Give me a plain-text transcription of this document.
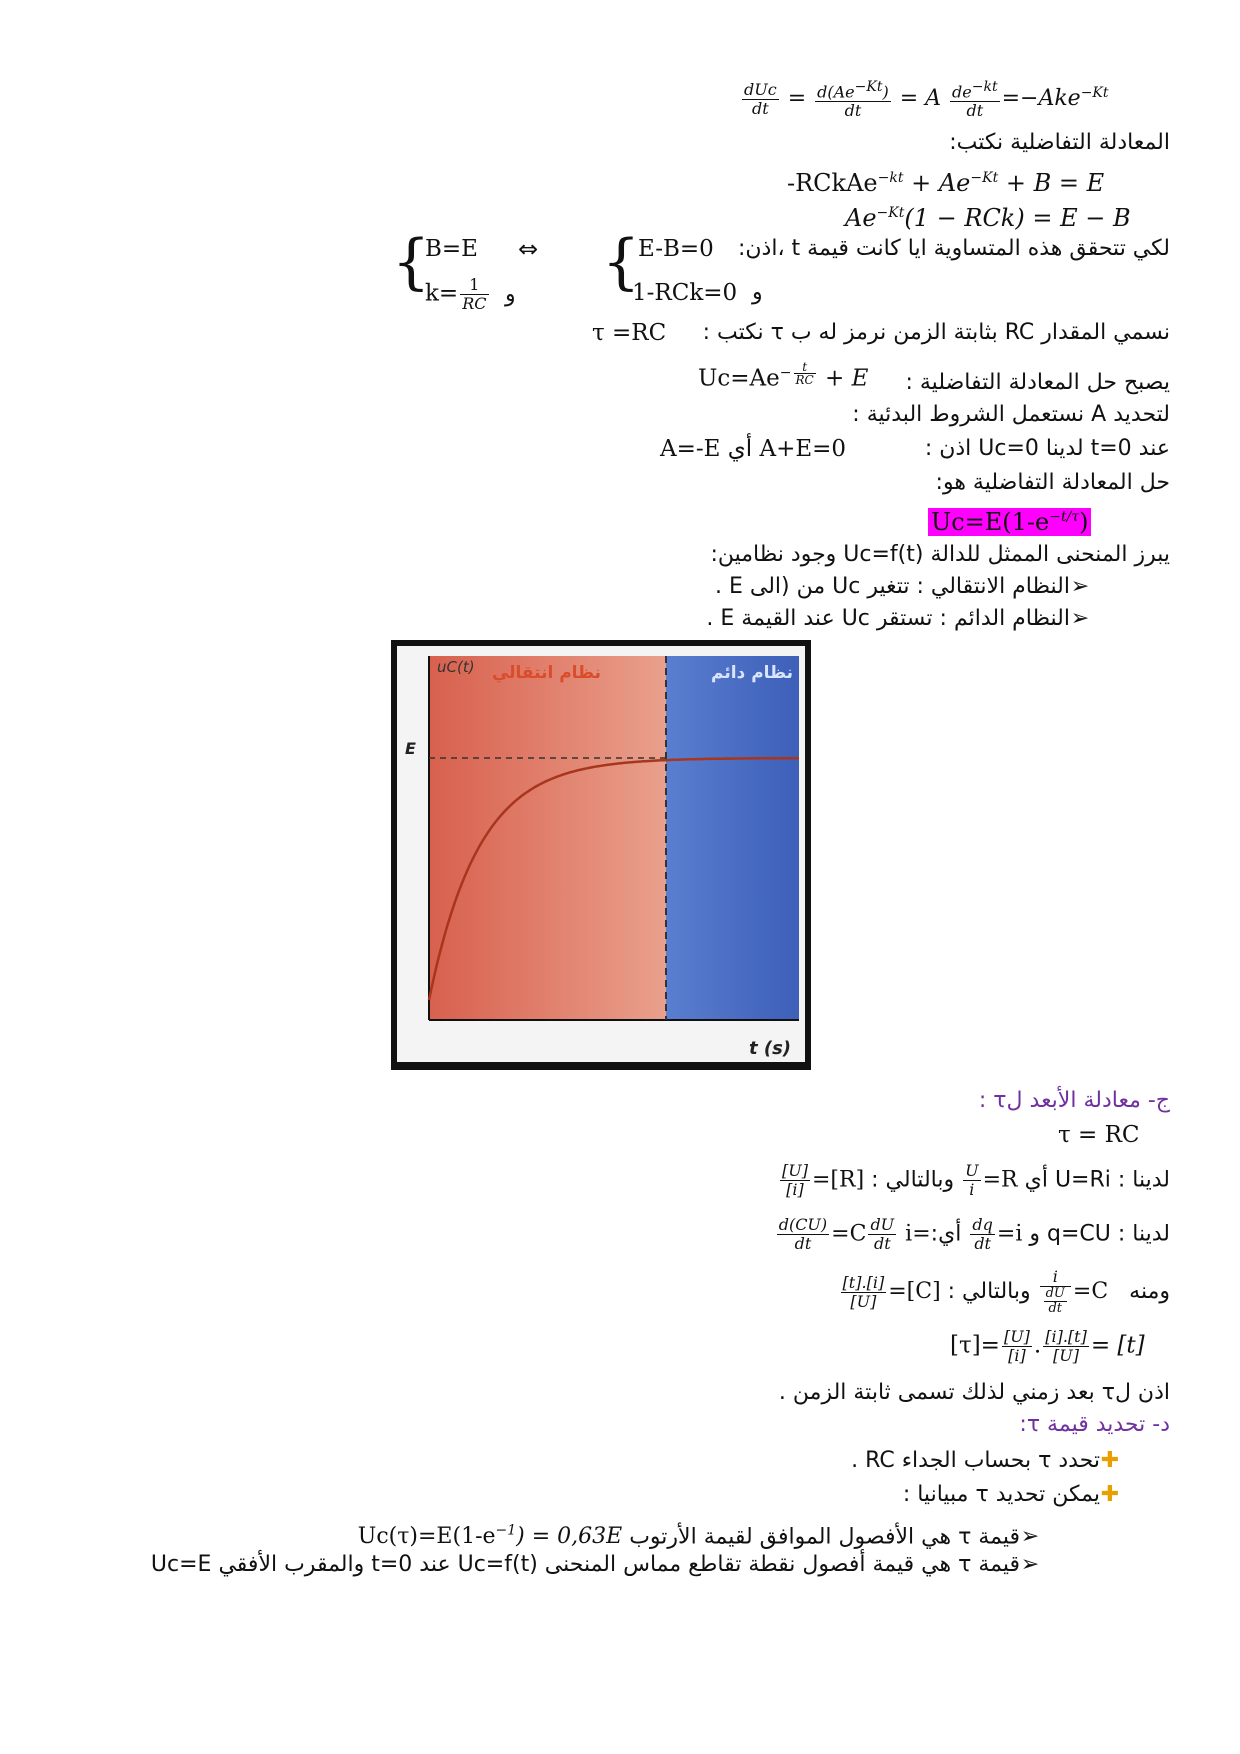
$\frac{\text{dUc}}{dt} = \frac{d(Ae^{-Kt})}{dt} = A \frac{de^{-kt}}{dt} =-Ake^{-Kt}$
المعادلة التفاضلية نكتب:
-RCkAe$^{-kt}$ + $Ae^{-Kt} + B = E$
$Ae^{-Kt}(1 - RCk) = E - B$
لكي تتحقق هذه المتساوية ايا كانت قيمة t ،اذن:
E-B=0
1-RCk=0 و
{
⇔
{
B=E
$k= \frac{1}{RC}$ و
نسمي المقدار RC بثابتة الزمن نرمز له ب τ نكتب :
τ =RC
يصبح حل المعادلة التفاضلية :
$Uc=Ae^{- \frac{t}{RC}} + E$
لتحديد A نستعمل الشروط البدئية :
عند t=0 لدينا Uc=0 اذن :
A+E=0 أي A=-E
حل المعادلة التفاضلية هو:
$Uc=E(1-e^{-t/\tau})$
يبرز المنحنى الممثل للدالة Uc=f(t) وجود نظامين:
➢النظام الانتقالي : تتغير Uc من (الى E .
➢النظام الدائم : تستقر Uc عند القيمة E .
uC(t)
t (s)
E
نظام انتقالي	نظام دائم
ج- معادلة الأبعد لτ :
τ = RC
لدينا : U=Ri أي R=
$\frac{U}{i}$
وبالتالي : [R]=
$\frac{[U]}{[i]}$
لدينا : q=CU و i=
$\frac{dq}{dt}$
أي:=C
$\frac{dU}{dt}$
i=
$\frac{d(CU)}{dt}$
ومنه   C=
$\frac{i}{\frac{dU}{dt}}$
وبالتالي : [C]=
$\frac{[i].[t]}{[U]}$
$[\tau]= \frac{[U]}{[i]}$ . $\frac{[i].[t]}{[U]} = [t]$
اذن لτ بعد زمني لذلك تسمى ثابتة الزمن .
د- تحديد قيمة τ:
✚تحدد τ بحساب الجداء RC .
✚يمكن تحديد τ مبيانيا :
➢قيمة τ هي الأفصول الموافق لقيمة الأرتوب $Uc(\tau)=E(1-e^{-1}) = 0,63E$
➢قيمة τ هي قيمة أفصول نقطة تقاطع مماس المنحنى Uc=f(t) عند t=0 والمقرب الأفقي Uc=E
